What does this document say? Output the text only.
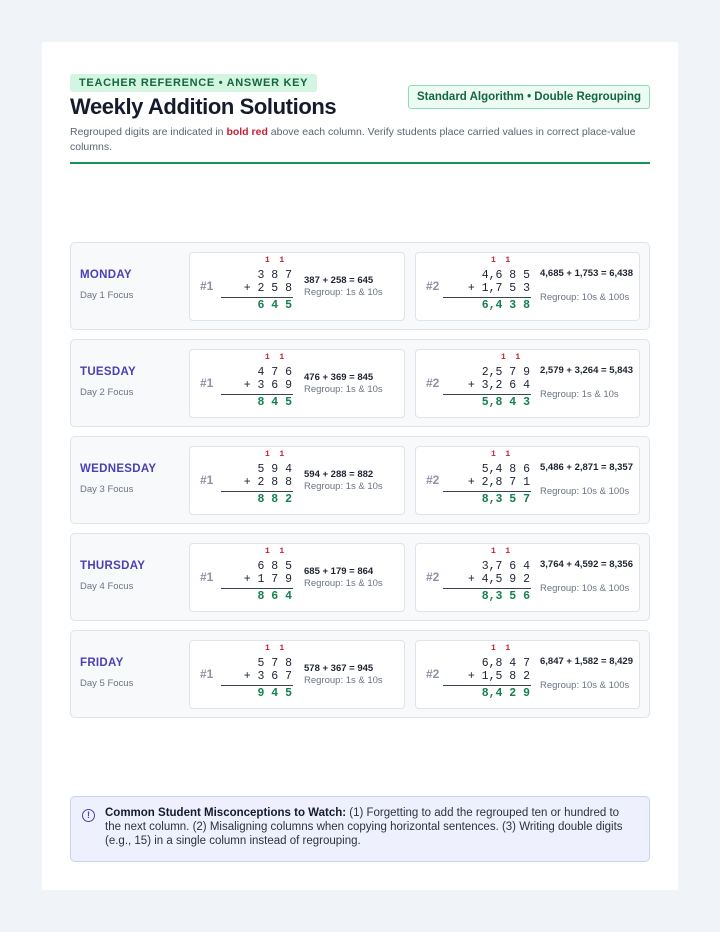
TEACHER REFERENCE • ANSWER KEY
Weekly Addition Solutions	Standard Algorithm • Double Regrouping
Regrouped digits are indicated in bold red above each column. Verify students place carried values in correct place-value columns.
MONDAY
Day 1 Focus
#1
1  1
3 8 7
+ 2 5 8
6 4 5
387 + 258 = 645
Regroup: 1s & 10s	#2
1  1
4,6 8 5
+ 1,7 5 3
6,4 3 8
4,685 + 1,753 = 6,438
Regroup: 10s & 100s
TUESDAY
Day 2 Focus
#1
1  1
4 7 6
+ 3 6 9
8 4 5
476 + 369 = 845
Regroup: 1s & 10s	#2
1  1
2,5 7 9
+ 3,2 6 4
5,8 4 3
2,579 + 3,264 = 5,843
Regroup: 1s & 10s
WEDNESDAY
Day 3 Focus
#1
1  1
5 9 4
+ 2 8 8
8 8 2
594 + 288 = 882
Regroup: 1s & 10s	#2
1  1
5,4 8 6
+ 2,8 7 1
8,3 5 7
5,486 + 2,871 = 8,357
Regroup: 10s & 100s
THURSDAY
Day 4 Focus
#1
1  1
6 8 5
+ 1 7 9
8 6 4
685 + 179 = 864
Regroup: 1s & 10s	#2
1  1
3,7 6 4
+ 4,5 9 2
8,3 5 6
3,764 + 4,592 = 8,356
Regroup: 10s & 100s
FRIDAY
Day 5 Focus
#1
1  1
5 7 8
+ 3 6 7
9 4 5
578 + 367 = 945
Regroup: 1s & 10s	#2
1  1
6,8 4 7
+ 1,5 8 2
8,4 2 9
6,847 + 1,582 = 8,429
Regroup: 10s & 100s
!	Common Student Misconceptions to Watch: (1) Forgetting to add the regrouped ten or hundred to the next column. (2) Misaligning columns when copying horizontal sentences. (3) Writing double digits (e.g., 15) in a single column instead of regrouping.
